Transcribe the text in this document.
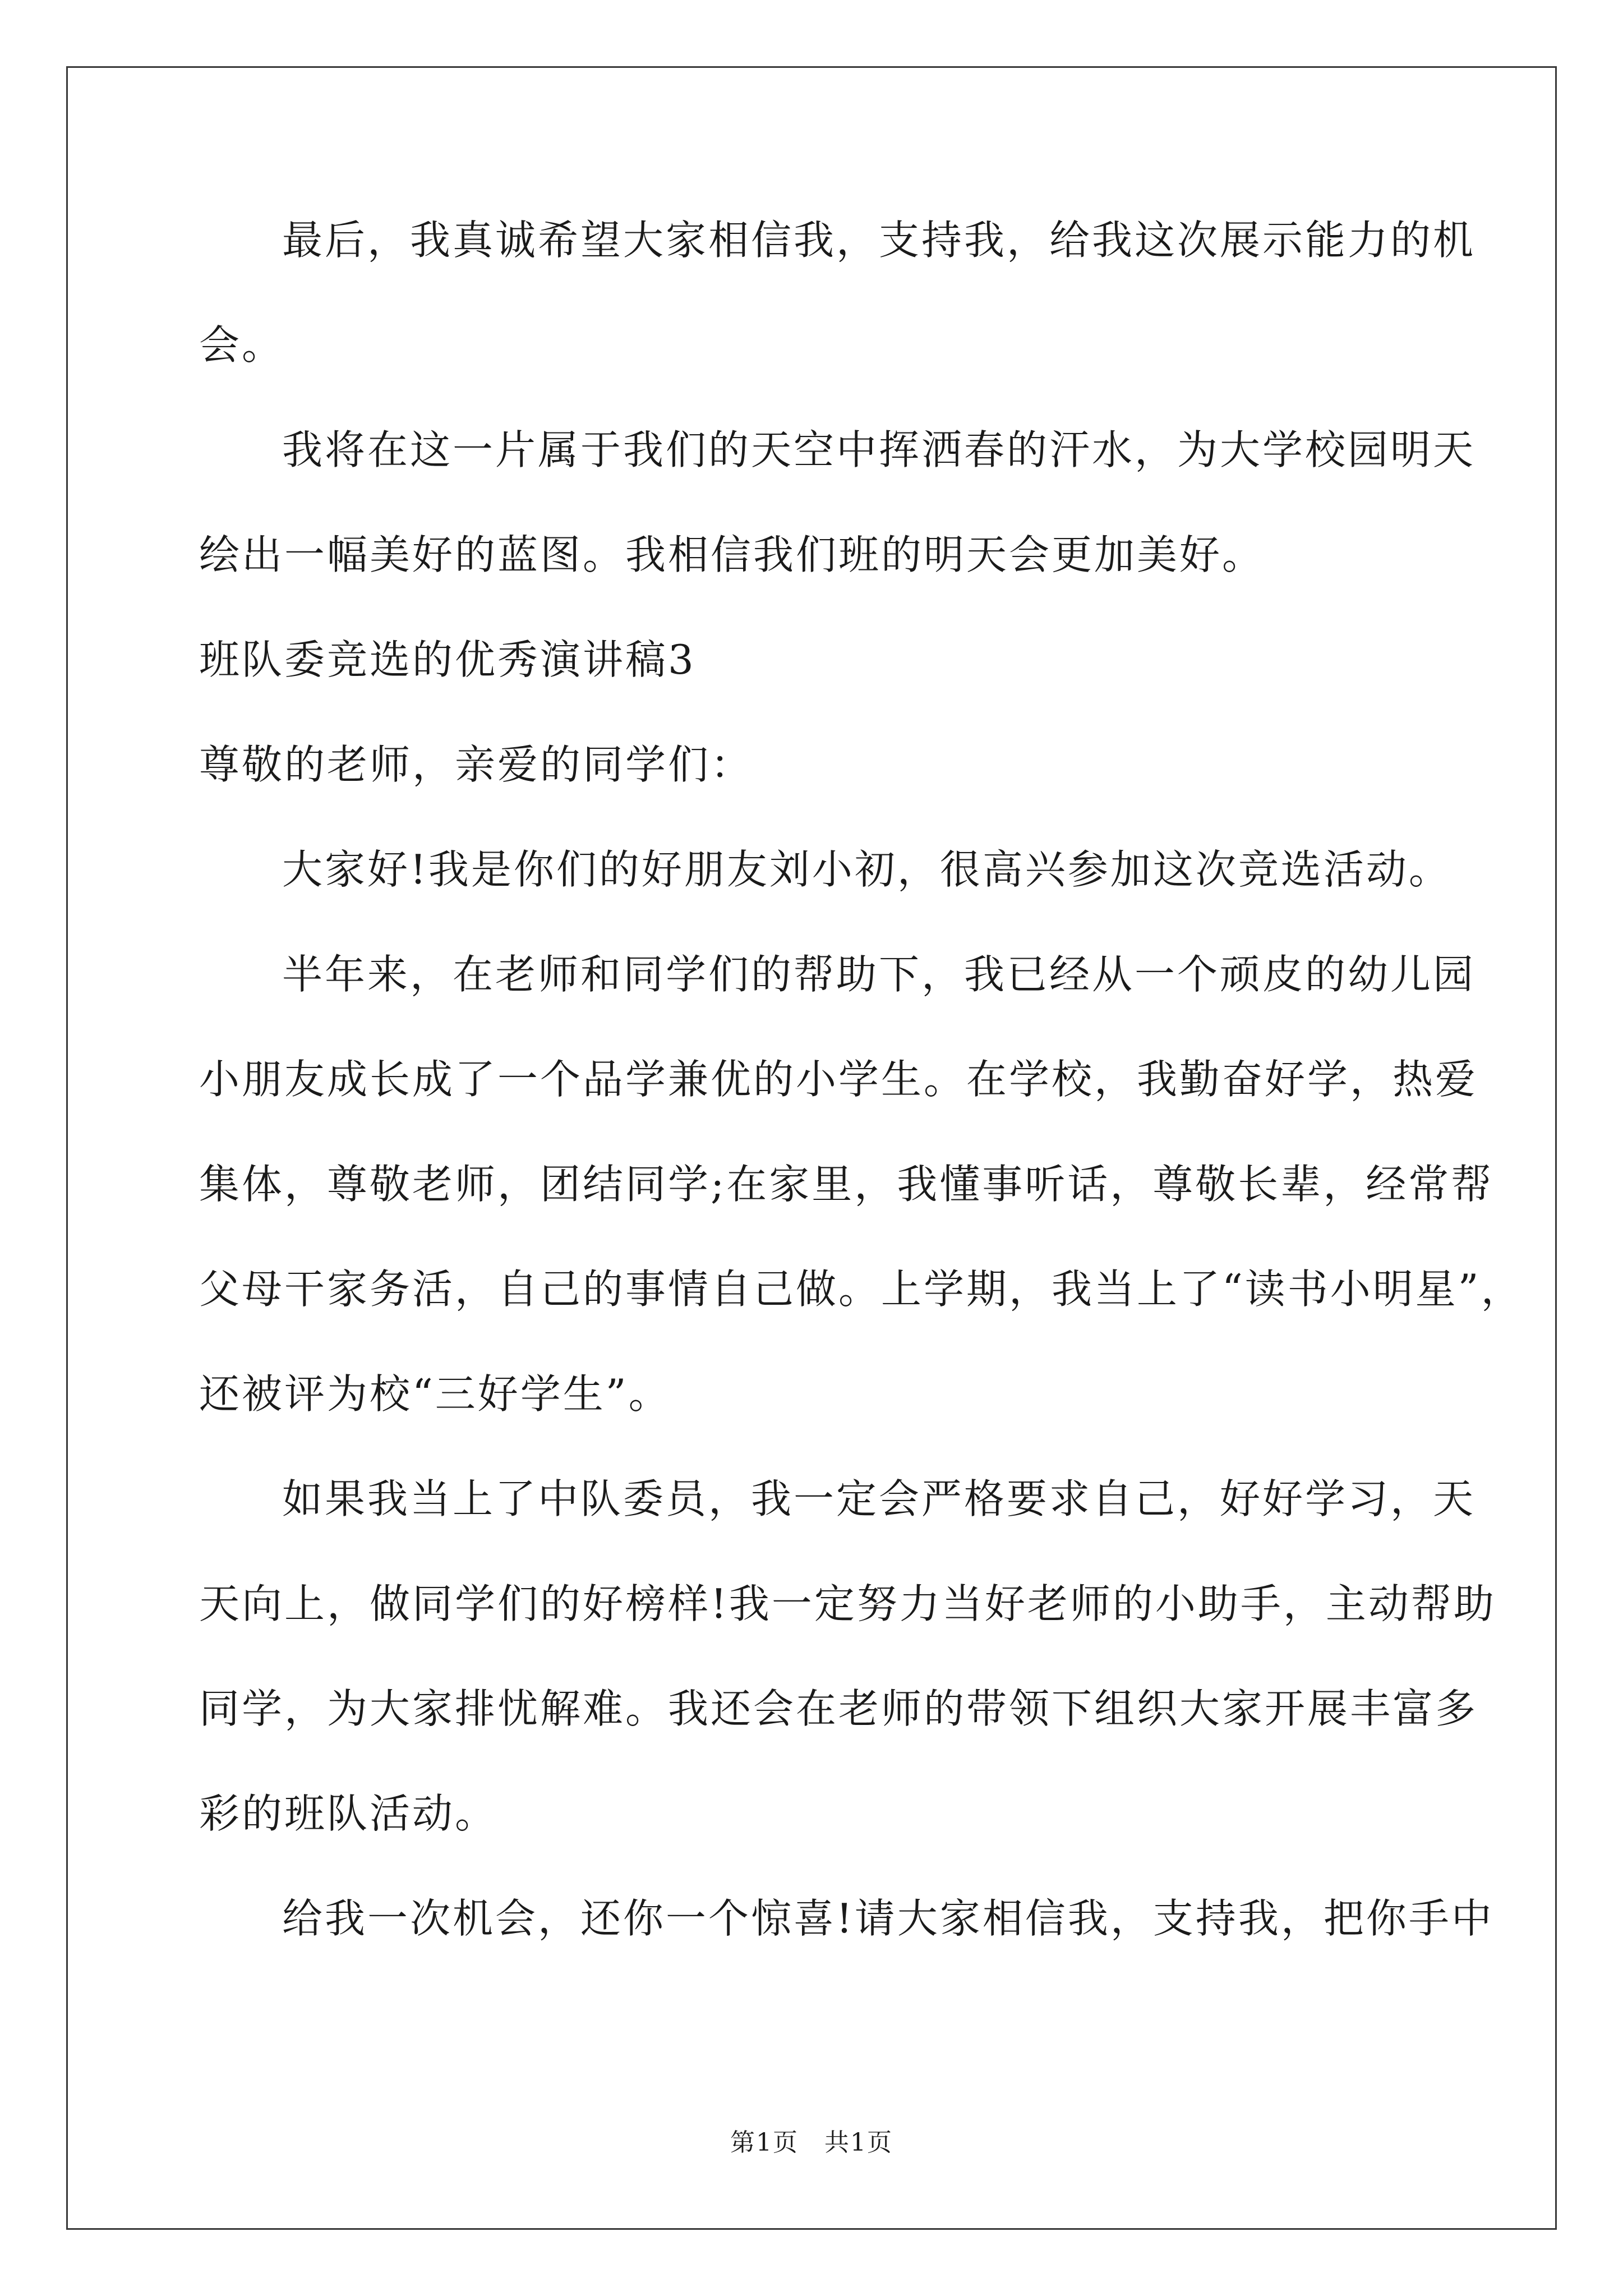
最后，我真诚希望大家相信我，支持我，给我这次展示能力的机
会。
我将在这一片属于我们的天空中挥洒春的汗水，为大学校园明天
绘出一幅美好的蓝图。我相信我们班的明天会更加美好。
班队委竞选的优秀演讲稿3
尊敬的老师，亲爱的同学们：
大家好!我是你们的好朋友刘小初，很高兴参加这次竞选活动。
半年来，在老师和同学们的帮助下，我已经从一个顽皮的幼儿园
小朋友成长成了一个品学兼优的小学生。在学校，我勤奋好学，热爱
集体，尊敬老师，团结同学;在家里，我懂事听话，尊敬长辈，经常帮
父母干家务活，自己的事情自己做。上学期，我当上了“读书小明星”，
还被评为校“三好学生”。
如果我当上了中队委员，我一定会严格要求自己，好好学习，天
天向上，做同学们的好榜样!我一定努力当好老师的小助手，主动帮助
同学，为大家排忧解难。我还会在老师的带领下组织大家开展丰富多
彩的班队活动。
给我一次机会，还你一个惊喜!请大家相信我，支持我，把你手中
第1页　共1页
